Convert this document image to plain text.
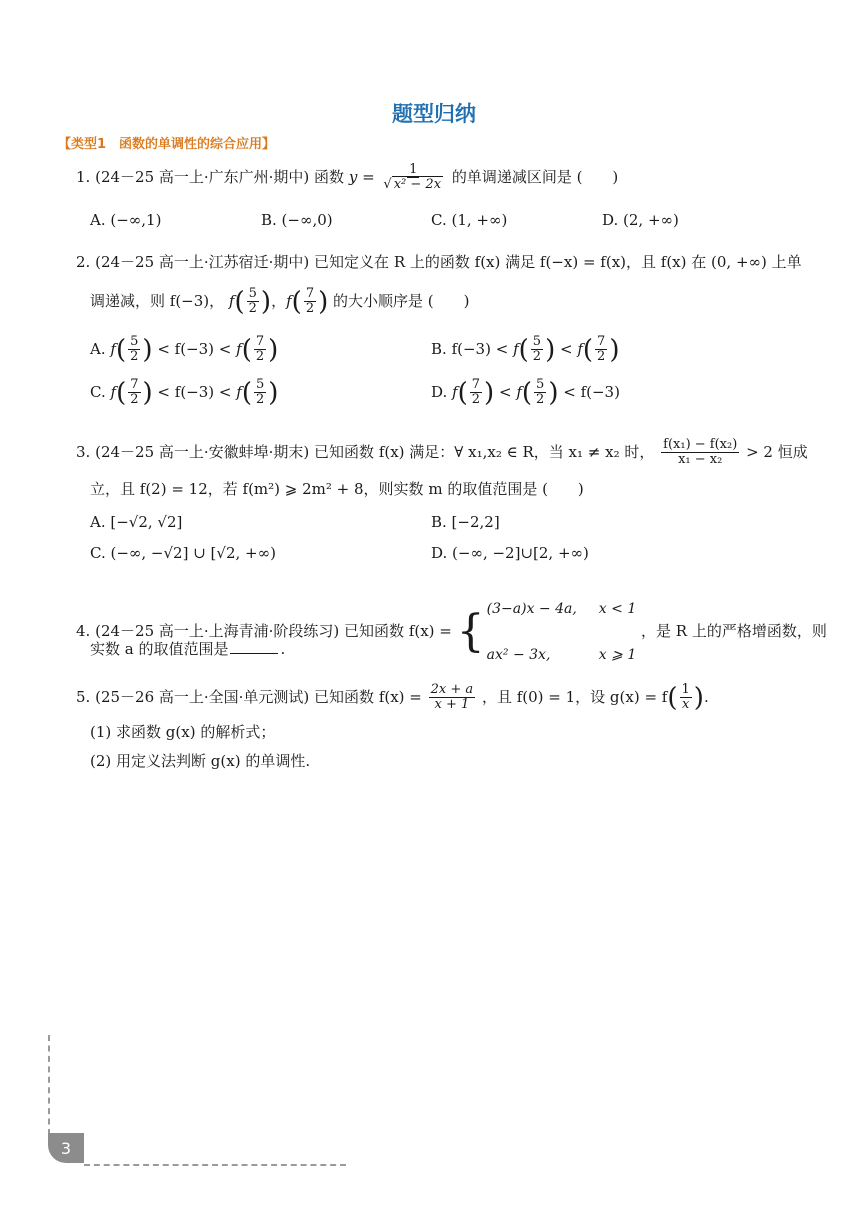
题型归纳
【类型1　函数的单调性的综合应用】
1. (24－25 高一上·广东广州·期中) 函数 $y = \frac{1}{\text{√ x² − 2x}}$ 的单调递减区间是 (　　)
A. (−∞,1)	B. (−∞,0)	C. (1, +∞)	D. (2, +∞)
2. (24－25 高一上·江苏宿迁·期中) 已知定义在 R 上的函数 f(x) 满足 f(−x) = f(x)，且 f(x) 在 (0, +∞) 上单
调递减，则 f(−3)， $f( \frac{5}{2}$ )，$f( \frac{7}{2}$ ) 的大小顺序是 (　　)
A. $f( \frac{5}{2}$ ) < $f(-3) < f( \frac{7}{2}$ )	B. $f(-3) < f( \frac{5}{2}$ ) < $f( \frac{7}{2}$ )
C. $f( \frac{7}{2}$ ) < $f(-3) < f( \frac{5}{2}$ )	D. $f( \frac{7}{2}$ ) < $f( \frac{5}{2}$ ) < f(−3)
3. (24－25 高一上·安徽蚌埠·期末) 已知函数 f(x) 满足：∀ x₁,x₂ ∈ R，当 x₁ ≠ x₂ 时， $\frac{\text{f(x₁) − f(x₂)}}{\text{x₁ − x₂}} > 2$ 恒成
立，且 f(2) = 12，若 f(m²) ⩾ 2m² + 8，则实数 m 的取值范围是 (　　)
A. [−√2, √2]	B. [−2,2]
C. (−∞, −√2] ∪ [√2, +∞)	D. (−∞, −2]∪[2, +∞)
4. (24－25 高一上·上海青浦·阶段练习) 已知函数 f(x) = { (3−a)x − 4a, x < 1
ax² − 3x,	x ⩾ 1
，是 R 上的严格增函数，则
实数 a 的取值范围是	.
5. (25－26 高一上·全国·单元测试) 已知函数 $f(x) = \frac{2x + a}{x + 1}$ ，且 f(0) = 1，设 $g(x) = f( \frac{1}{x}$ ).
(1) 求函数 g(x) 的解析式；
(2) 用定义法判断 g(x) 的单调性.
3
